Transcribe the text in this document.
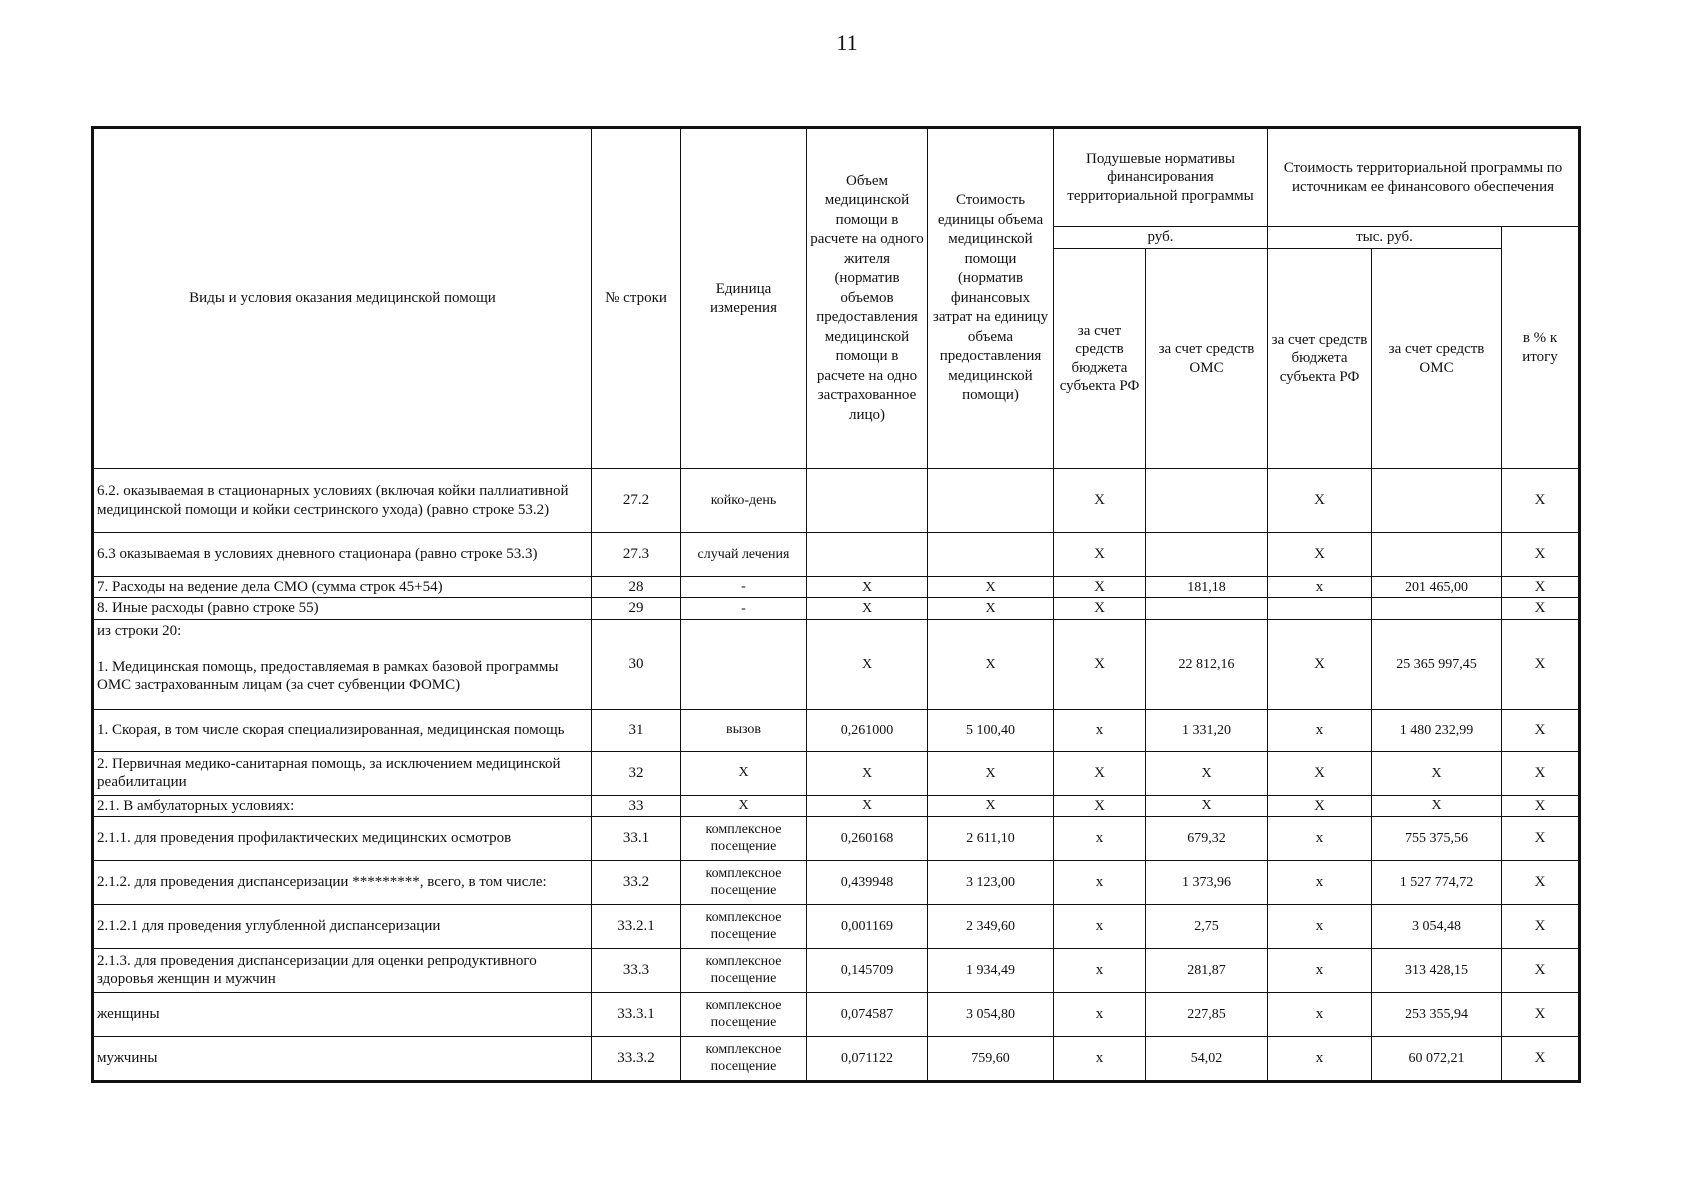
11
Виды и условия оказания медицинской помощи	№ строки	Единица измерения	Объем медицинской помощи в расчете на одного жителя (норматив объемов предоставления медицинской помощи в расчете на одно застрахованное лицо)	Стоимость единицы объема медицинской помощи (норматив финансовых затрат на единицу объема предоставления медицинской помощи)	Подушевые нормативы финансирования территориальной программы		Стоимость территориальной программы по источникам ее финансового обеспечения		
					руб.		тыс. руб.		в % к итогу
					за счет средств бюджета субъекта РФ	за счет средств ОМС	за счет средств бюджета субъекта РФ	за счет средств ОМС	
6.2. оказываемая в стационарных условиях (включая койки паллиативной медицинской помощи и койки сестринского ухода) (равно строке 53.2)	27.2	койко-день			X		X		X
6.3 оказываемая в условиях дневного стационара (равно строке 53.3)	27.3	случай лечения			X		X		X
7. Расходы на ведение дела СМО (сумма строк 45+54)	28	-	X	X	X	181,18	x	201 465,00	X
8. Иные расходы (равно строке 55)	29	-	X	X	X				X

из строки 20:
1. Медицинская помощь, предоставляемая в рамках базовой программы ОМС застрахованным лицам (за счет субвенции ФОМС)	30		X	X	X	22 812,16	X	25 365 997,45	X
1. Скорая, в том числе скорая специализированная, медицинская помощь	31	вызов	0,261000	5 100,40	x	1 331,20	x	1 480 232,99	X
2. Первичная медико-санитарная помощь, за исключением медицинской реабилитации	32	X	X	X	X	X	X	X	X
2.1. В амбулаторных условиях:	33	X	X	X	X	X	X	X	X
2.1.1. для проведения профилактических медицинских осмотров	33.1	комплексное посещение	0,260168	2 611,10	x	679,32	x	755 375,56	X
2.1.2. для проведения диспансеризации *********, всего, в том числе:	33.2	комплексное посещение	0,439948	3 123,00	x	1 373,96	x	1 527 774,72	X
2.1.2.1 для проведения углубленной диспансеризации	33.2.1	комплексное посещение	0,001169	2 349,60	x	2,75	x	3 054,48	X
2.1.3. для проведения диспансеризации для оценки репродуктивного здоровья женщин и мужчин	33.3	комплексное посещение	0,145709	1 934,49	x	281,87	x	313 428,15	X
женщины	33.3.1	комплексное посещение	0,074587	3 054,80	x	227,85	x	253 355,94	X
мужчины	33.3.2	комплексное посещение	0,071122	759,60	x	54,02	x	60 072,21	X
